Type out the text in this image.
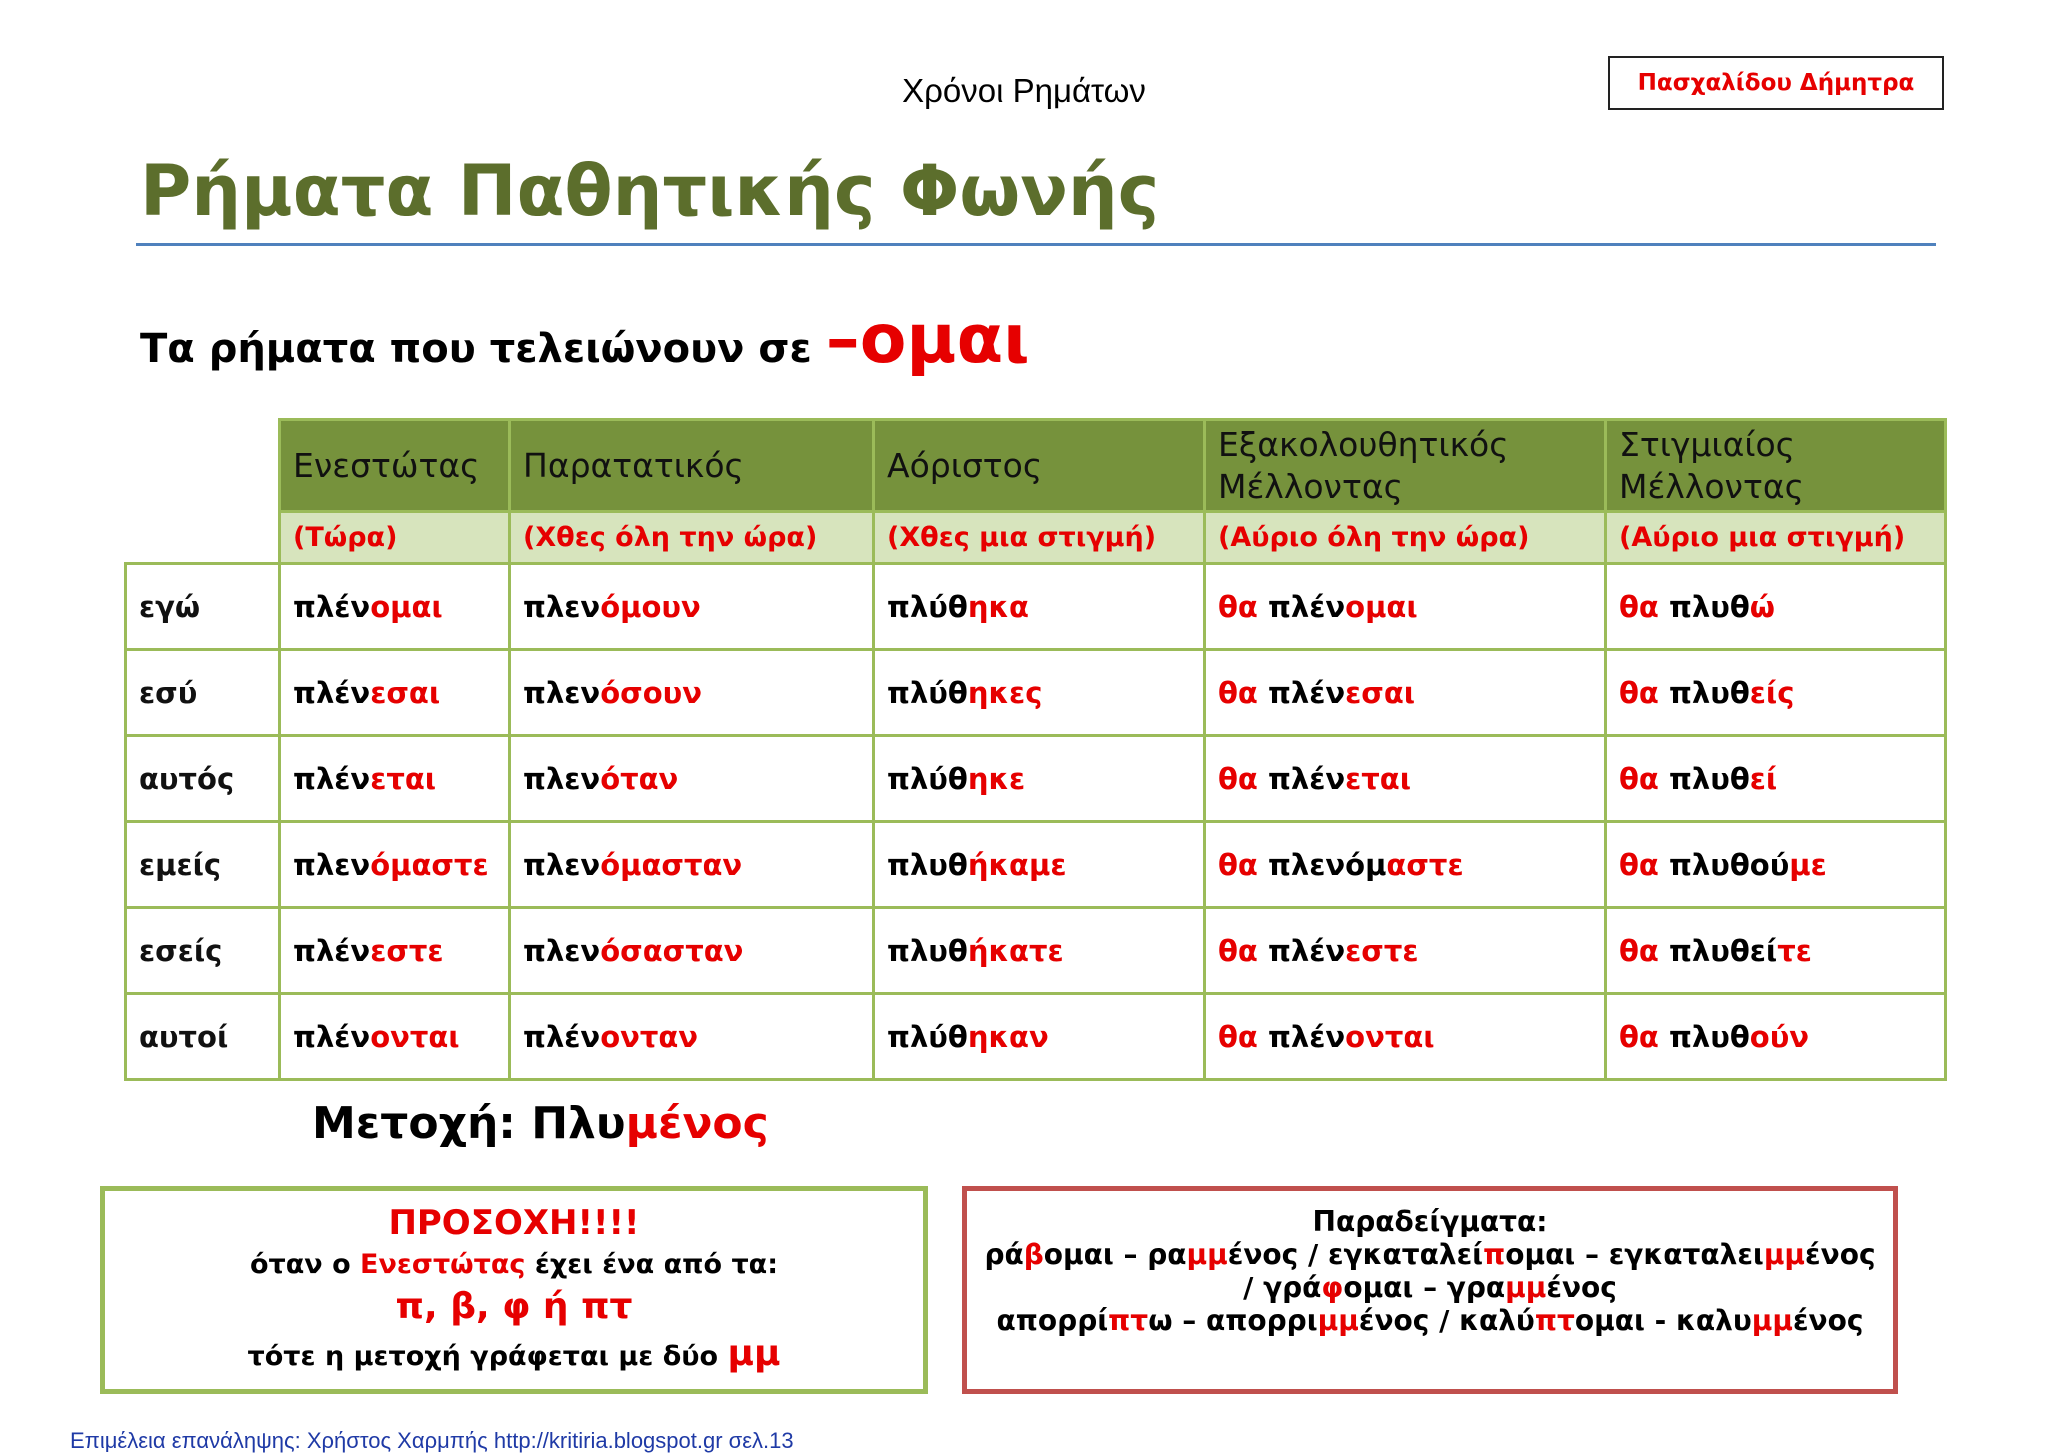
Χρόνοι Ρημάτων	Πασχαλίδου Δήμητρα
Ρήματα Παθητικής Φωνής
Τα ρήματα που τελειώνουν σε –ομαι
	Ενεστώτας	Παρατατικός	Αόριστος	Εξακολουθητικός Μέλλοντας	Στιγμιαίος Μέλλοντας
	(Τώρα)	(Χθες όλη την ώρα)	(Χθες μια στιγμή)	(Αύριο όλη την ώρα)	(Αύριο μια στιγμή)
εγώ	πλένομαι	πλενόμουν	πλύθηκα	θα πλένομαι	θα πλυθώ
εσύ	πλένεσαι	πλενόσουν	πλύθηκες	θα πλένεσαι	θα πλυθείς
αυτός	πλένεται	πλενόταν	πλύθηκε	θα πλένεται	θα πλυθεί
εμείς	πλενόμαστε	πλενόμασταν	πλυθήκαμε	θα πλενόμαστε	θα πλυθούμε
εσείς	πλένεστε	πλενόσασταν	πλυθήκατε	θα πλένεστε	θα πλυθείτε
αυτοί	πλένονται	πλένονταν	πλύθηκαν	θα πλένονται	θα πλυθούν
Μετοχή: Πλυμένος
ΠΡΟΣΟΧΗ!!!!
όταν ο Ενεστώτας έχει ένα από τα:
π, β, φ ή πτ
τότε η μετοχή γράφεται με δύο μμ
Παραδείγματα:
ράβομαι – ραμμένος / εγκαταλείπομαι – εγκαταλειμμένος
/ γράφομαι – γραμμένος
απορρίπτω – απορριμμένος / καλύπτομαι - καλυμμένος
Επιμέλεια επανάληψης: Χρήστος Χαρμπής http://kritiria.blogspot.gr σελ.13
